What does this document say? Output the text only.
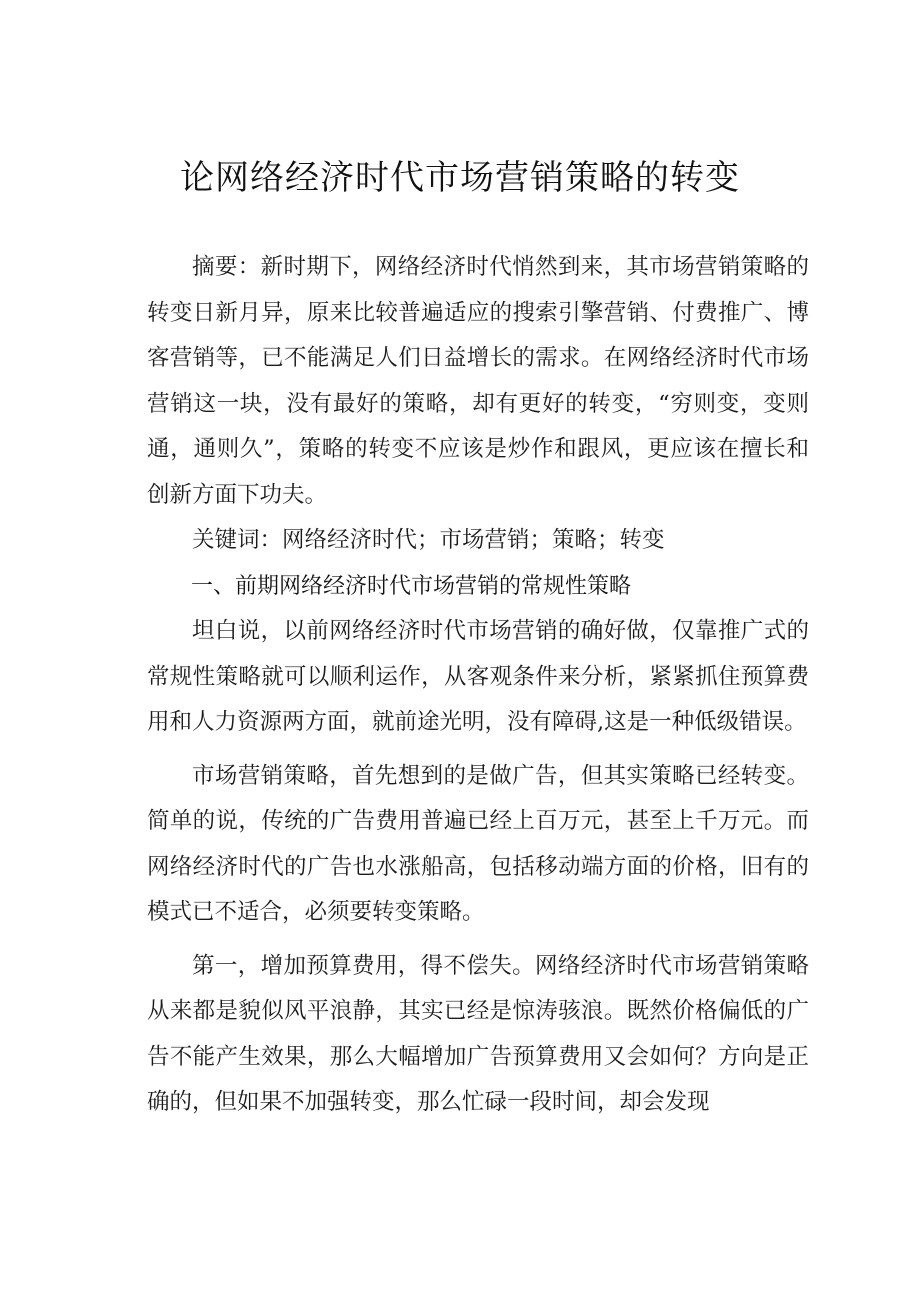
论网络经济时代市场营销策略的转变

摘要：新时期下，网络经济时代悄然到来，其市场营销策略的转变日新月异，原来比较普遍适应的搜索引擎营销、付费推广、博客营销等，已不能满足人们日益增长的需求。在网络经济时代市场营销这一块，没有最好的策略，却有更好的转变，“穷则变，变则通，通则久”，策略的转变不应该是炒作和跟风，更应该在擅长和创新方面下功夫。

关键词：网络经济时代；市场营销；策略；转变

一、前期网络经济时代市场营销的常规性策略

坦白说，以前网络经济时代市场营销的确好做，仅靠推广式的常规性策略就可以顺利运作，从客观条件来分析，紧紧抓住预算费用和人力资源两方面，就前途光明，没有障碍,这是一种低级错误。

市场营销策略，首先想到的是做广告，但其实策略已经转变。简单的说，传统的广告费用普遍已经上百万元，甚至上千万元。而网络经济时代的广告也水涨船高，包括移动端方面的价格，旧有的模式已不适合，必须要转变策略。

第一，增加预算费用，得不偿失。网络经济时代市场营销策略从来都是貌似风平浪静，其实已经是惊涛骇浪。既然价格偏低的广告不能产生效果，那么大幅增加广告预算费用又会如何？方向是正确的，但如果不加强转变，那么忙碌一段时间，却会发现
